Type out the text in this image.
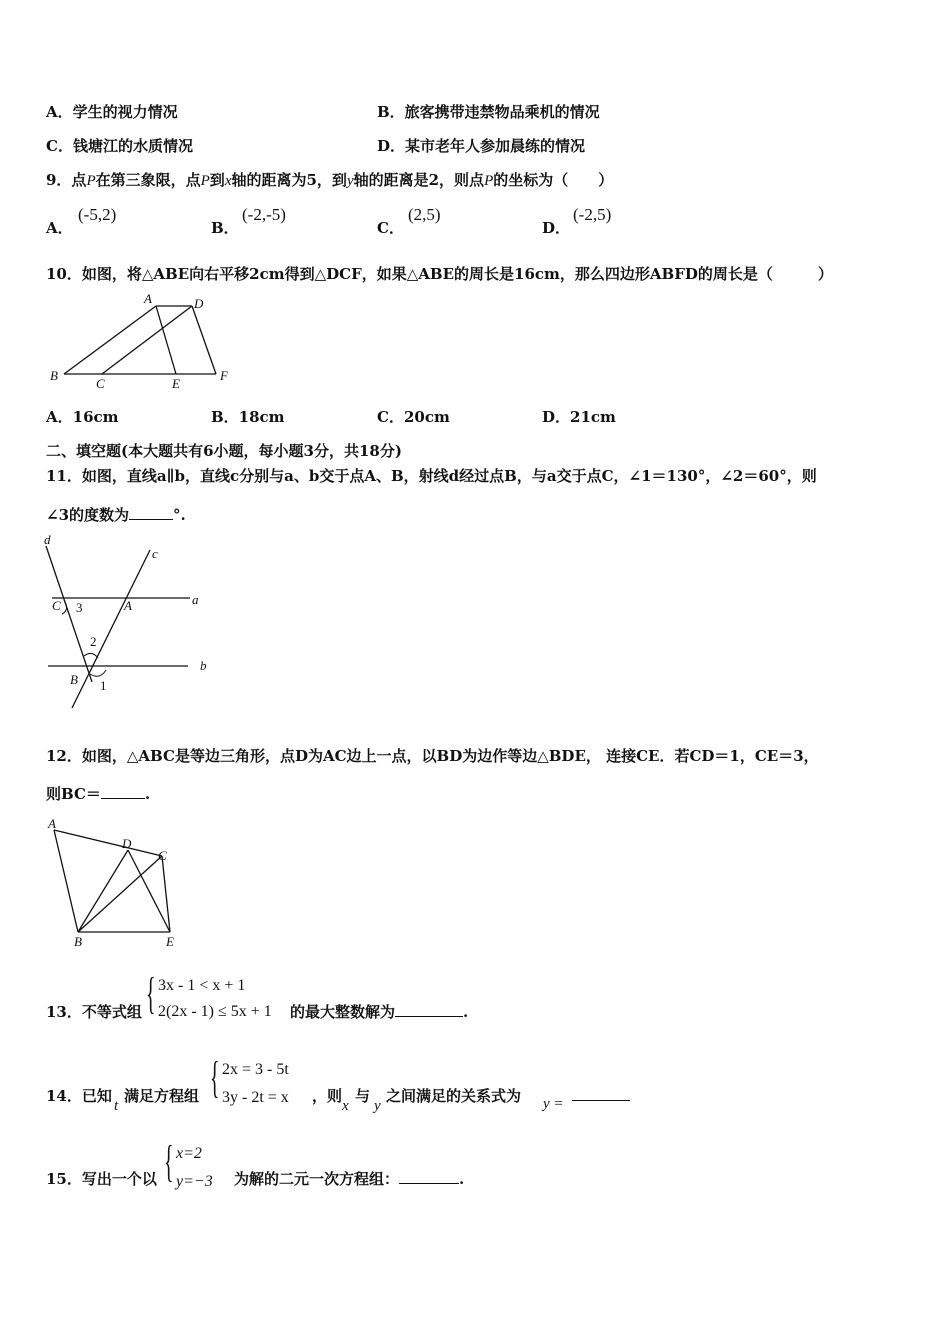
A．学生的视力情况	B．旅客携带违禁物品乘机的情况
C．钱塘江的水质情况	D．某市老年人参加晨练的情况
9．点P在第三象限，点P到x轴的距离为5，到y轴的距离是2，则点P的坐标为（　　）
A．
(-5,2)
B．
(-2,-5)
C．
(2,5)
D．
(-2,5)
10．如图，将△ABE向右平移2cm得到△DCF，如果△ABE的周长是16cm，那么四边形ABFD的周长是（　　　）
A	D
B
C	E
F
A．16cm	B．18cm	C．20cm	D．21cm
二、填空题(本大题共有6小题，每小题3分，共18分)
11．如图，直线a∥b，直线c分别与a、b交于点A、B，射线d经过点B，与a交于点C，∠1＝130°，∠2＝60°，则
∠3的度数为	°.
d
c
C 3	A	a
2
B 1
b
12．如图，△ABC是等边三角形，点D为AC边上一点，以BD为边作等边△BDE， 连接CE．若CD＝1，CE＝3，
则BC＝	.
A
D
C
B	E
13．不等式组 { 3x - 1 < x + 1
2(2x - 1) ≤ 5x + 1 的最大整数解为	.
14．已知
t
满足方程组 { 2x = 3 - 5t
3y - 2t = x ，则
x
与
y
之间满足的关系式为 y =
15．写出一个以 { x=2
y=−3 为解的二元一次方程组：	.
